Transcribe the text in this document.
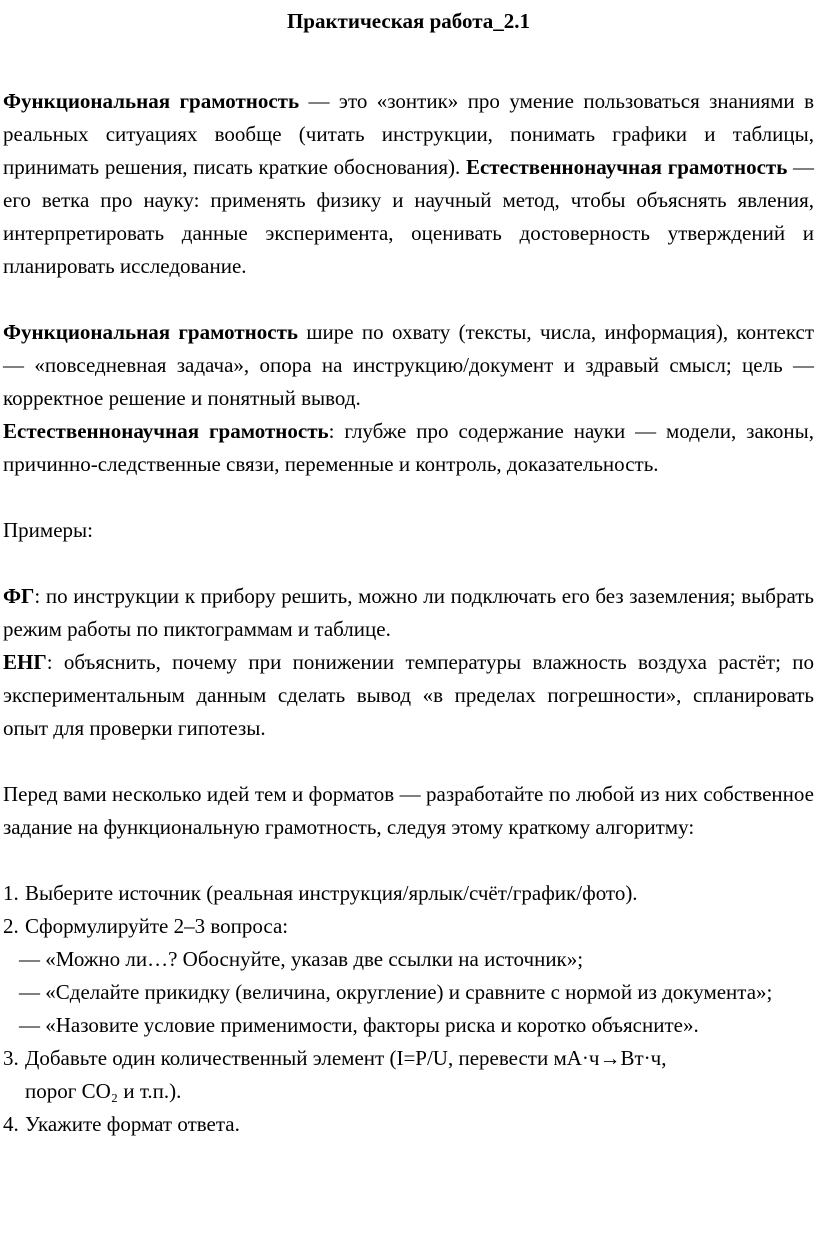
Практическая работа_2.1

Функциональная грамотность — это «зонтик» про умение пользоваться знаниями в реальных ситуациях вообще (читать инструкции, понимать графики и таблицы, принимать решения, писать краткие обоснования). Естественнонаучная грамотность — его ветка про науку: применять физику и научный метод, чтобы объяснять явления, интерпретировать данные эксперимента, оценивать достоверность утверждений и планировать исследование.

Функциональная грамотность шире по охвату (тексты, числа, информация), контекст — «повседневная задача», опора на инструкцию/документ и здравый смысл; цель — корректное решение и понятный вывод.

Естественнонаучная грамотность: глубже про содержание науки — модели, законы, причинно-следственные связи, переменные и контроль, доказательность.

Примеры:

ФГ: по инструкции к прибору решить, можно ли подключать его без заземления; выбрать режим работы по пиктограммам и таблице.

ЕНГ: объяснить, почему при понижении температуры влажность воздуха растёт; по экспериментальным данным сделать вывод «в пределах погрешности», спланировать опыт для проверки гипотезы.

Перед вами несколько идей тем и форматов — разработайте по любой из них собственное задание на функциональную грамотность, следуя этому краткому алгоритму:

1. Выберите источник (реальная инструкция/ярлык/счёт/график/фото).
2. Сформулируйте 2–3 вопроса:

— «Можно ли…? Обоснуйте, указав две ссылки на источник»;

— «Сделайте прикидку (величина, округление) и сравните с нормой из документа»;

— «Назовите условие применимости, факторы риска и коротко объясните».

3. Добавьте один количественный элемент (I=P/U, перевести мА·ч→Вт·ч,

порог СО₂ и т.п.).

4. Укажите формат ответа.
